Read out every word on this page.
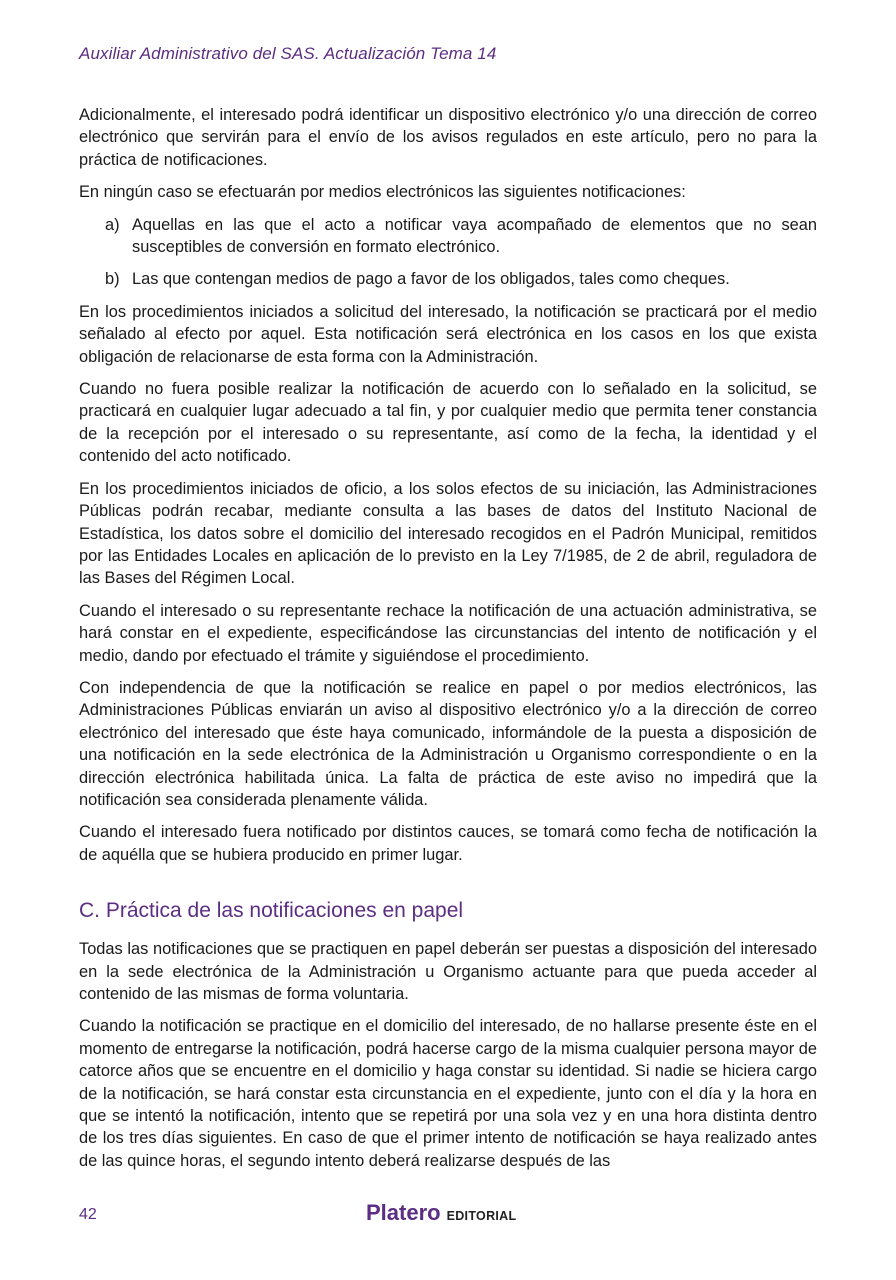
Auxiliar Administrativo del SAS. Actualización Tema 14

Adicionalmente, el interesado podrá identificar un dispositivo electrónico y/o una dirección de correo electrónico que servirán para el envío de los avisos regulados en este artículo, pero no para la práctica de notificaciones.

En ningún caso se efectuarán por medios electrónicos las siguientes notificaciones:

a) Aquellas en las que el acto a notificar vaya acompañado de elementos que no sean susceptibles de conversión en formato electrónico.
b) Las que contengan medios de pago a favor de los obligados, tales como cheques.

En los procedimientos iniciados a solicitud del interesado, la notificación se practicará por el medio señalado al efecto por aquel. Esta notificación será electrónica en los casos en los que exista obligación de relacionarse de esta forma con la Administración.

Cuando no fuera posible realizar la notificación de acuerdo con lo señalado en la solicitud, se practicará en cualquier lugar adecuado a tal fin, y por cualquier medio que permita tener constancia de la recepción por el interesado o su representante, así como de la fecha, la identidad y el contenido del acto notificado.

En los procedimientos iniciados de oficio, a los solos efectos de su iniciación, las Administraciones Públicas podrán recabar, mediante consulta a las bases de datos del Instituto Nacional de Estadística, los datos sobre el domicilio del interesado recogidos en el Padrón Municipal, remitidos por las Entidades Locales en aplicación de lo previsto en la Ley 7/1985, de 2 de abril, reguladora de las Bases del Régimen Local.

Cuando el interesado o su representante rechace la notificación de una actuación administrativa, se hará constar en el expediente, especificándose las circunstancias del intento de notificación y el medio, dando por efectuado el trámite y siguiéndose el procedimiento.

Con independencia de que la notificación se realice en papel o por medios electrónicos, las Administraciones Públicas enviarán un aviso al dispositivo electrónico y/o a la dirección de correo electrónico del interesado que éste haya comunicado, informándole de la puesta a disposición de una notificación en la sede electrónica de la Administración u Organismo correspondiente o en la dirección electrónica habilitada única. La falta de práctica de este aviso no impedirá que la notificación sea considerada plenamente válida.

Cuando el interesado fuera notificado por distintos cauces, se tomará como fecha de notificación la de aquélla que se hubiera producido en primer lugar.

C. Práctica de las notificaciones en papel

Todas las notificaciones que se practiquen en papel deberán ser puestas a disposición del interesado en la sede electrónica de la Administración u Organismo actuante para que pueda acceder al contenido de las mismas de forma voluntaria.

Cuando la notificación se practique en el domicilio del interesado, de no hallarse presente éste en el momento de entregarse la notificación, podrá hacerse cargo de la misma cualquier persona mayor de catorce años que se encuentre en el domicilio y haga constar su identidad. Si nadie se hiciera cargo de la notificación, se hará constar esta circunstancia en el expediente, junto con el día y la hora en que se intentó la notificación, intento que se repetirá por una sola vez y en una hora distinta dentro de los tres días siguientes. En caso de que el primer intento de notificación se haya realizado antes de las quince horas, el segundo intento deberá realizarse después de las

42	Platero EDITORIAL
